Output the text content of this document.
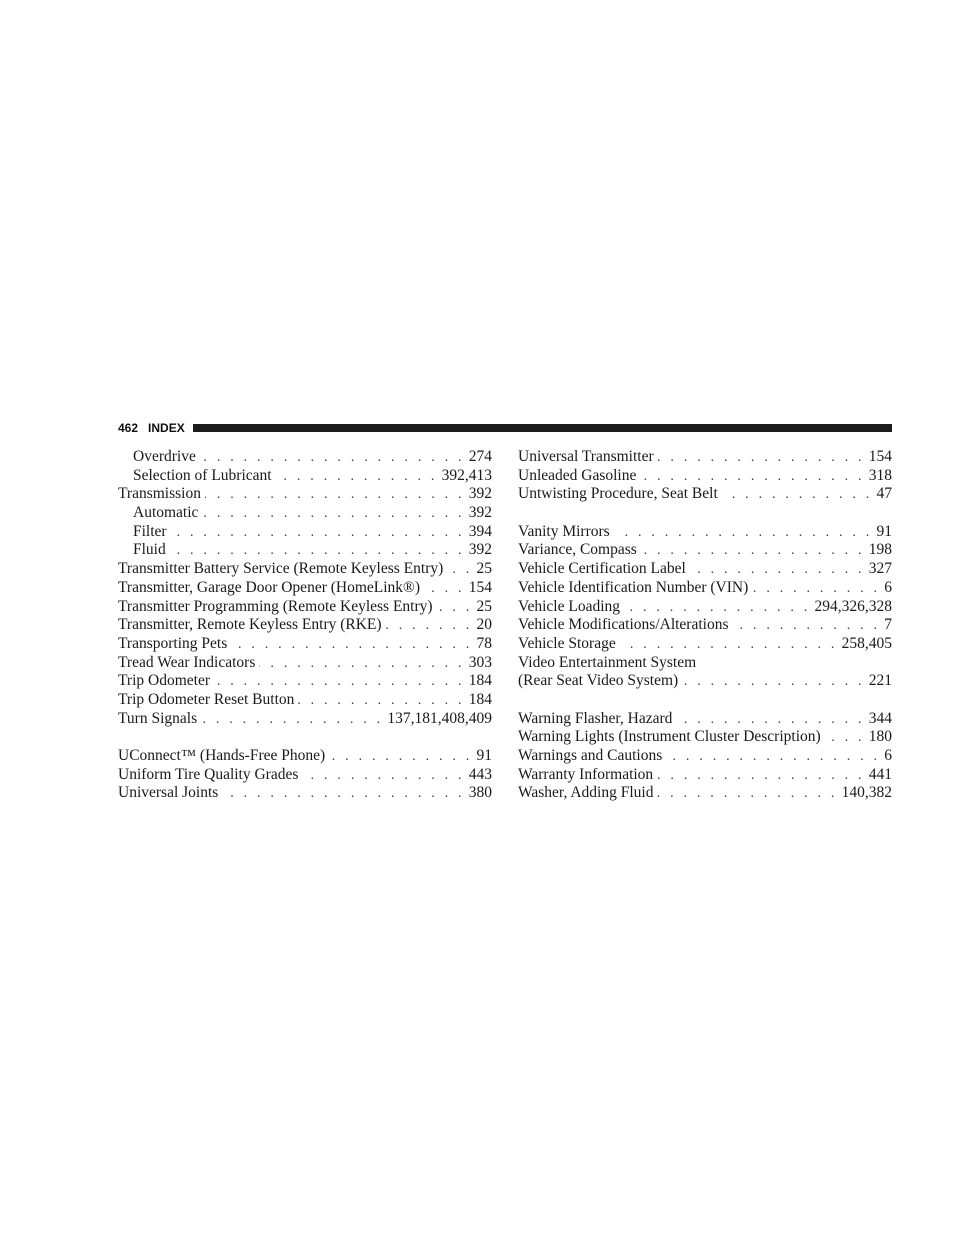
462 INDEX
Overdrive . . .	274
Selection of Lubricant . . .	392,413
Transmission . . .	392
Automatic . . .	392
Filter . . .	394
Fluid . . .	392
Transmitter Battery Service (Remote Keyless Entry) . . . 25
Transmitter, Garage Door Opener (HomeLink®) . . .	154
Transmitter Programming (Remote Keyless Entry) . . .	25
Transmitter, Remote Keyless Entry (RKE) . . .	20
Transporting Pets . . .	78
Tread Wear Indicators . . .	303
Trip Odometer . . .	184
Trip Odometer Reset Button . . .	184
Turn Signals . . .	137,181,408,409
UConnect™ (Hands-Free Phone) . . .	91
Uniform Tire Quality Grades . . .	443
Universal Joints . . .	380
Universal Transmitter . . .	154
Unleaded Gasoline . . .	318
Untwisting Procedure, Seat Belt . . .	47
Vanity Mirrors . . .	91
Variance, Compass . . .	198
Vehicle Certification Label . . .	327
Vehicle Identification Number (VIN) . . .	6
Vehicle Loading . . .	294,326,328
Vehicle Modifications/Alterations . . .	7
Vehicle Storage . . .	258,405
Video Entertainment System
(Rear Seat Video System) . . .	221
Warning Flasher, Hazard . . .	344
Warning Lights (Instrument Cluster Description) . . .	180
Warnings and Cautions . . .	6
Warranty Information . . .	441
Washer, Adding Fluid . . .	140,382
